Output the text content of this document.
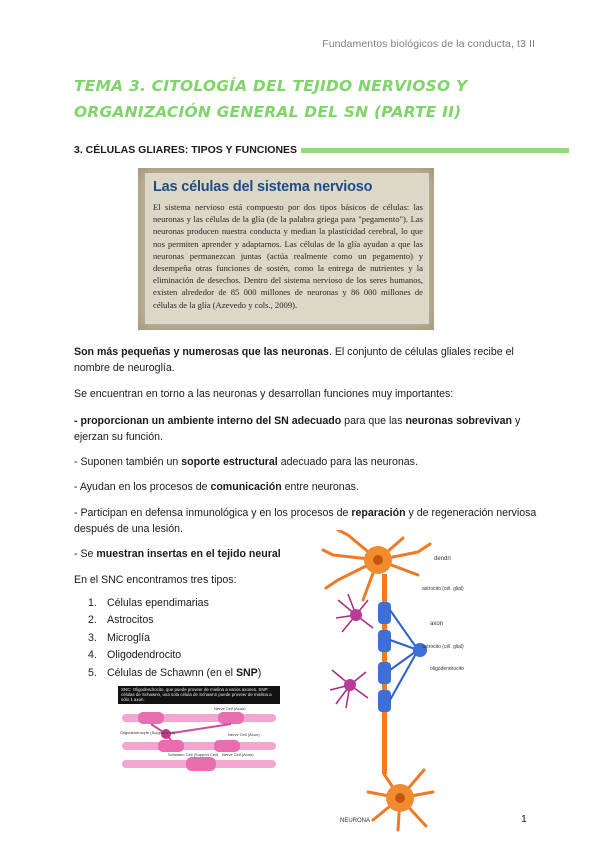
Fundamentos biológicos de la conducta, t3 II
TEMA 3. CITOLOGÍA DEL TEJIDO NERVIOSO Y ORGANIZACIÓN GENERAL DEL SN (PARTE II)
3. CÉLULAS GLIARES: TIPOS Y FUNCIONES
Las células del sistema nervioso
El sistema nervioso está compuesto por dos tipos básicos de células: las neuronas y las células de la glía (de la palabra griega para "pegamento"). Las neuronas producen nuestra conducta y median la plasticidad cerebral, lo que nos permiten aprender y adaptarnos. Las células de la glía ayudan a que las neuronas permanezcan juntas (actúa realmente como un pegamento) y desempeña otras funciones de sostén, como la entrega de nutrientes y la eliminación de desechos. Dentro del sistema nervioso de los seres humanos, existen alrededor de 85 000 millones de neuronas y 86 000 millones de células de la glía (Azevedo y cols., 2009).
Son más pequeñas y numerosas que las neuronas. El conjunto de células gliales recibe el nombre de neuroglía.
Se encuentran en torno a las neuronas y desarrollan funciones muy importantes:
- proporcionan un ambiente interno del SN adecuado para que las neuronas sobrevivan y ejerzan su función.
- Suponen también un soporte estructural adecuado para las neuronas.
- Ayudan en los procesos de comunicación entre neuronas.
- Participan en defensa inmunológica y en los procesos de reparación y de regeneración nerviosa después de una lesión.
- Se muestran insertas en el tejido neural
En el SNC encontramos tres tipos:
1. Células ependimarias
2. Astrocitos
3. Microglía
4. Oligodendrocito
5. Células de Schawnn (en el SNP)
dendri
astrocito (cél. glial)
axon
astrocito (cél. glial)
oligodendrocito
NEURONA
SNC: Oligodendrocito, que puede proveer de mielina a varios axones. SNP: células de Schawnn, una sola célula de Schawnn puede proveer de mielina a sólo 1 axon.
Nerve Cell (Axon)
Oligodendrocyte (Support Cell)	Nerve Cell (Axon)
Schwann Cell (Support Cell) Nerve Cell (Axon)
1
